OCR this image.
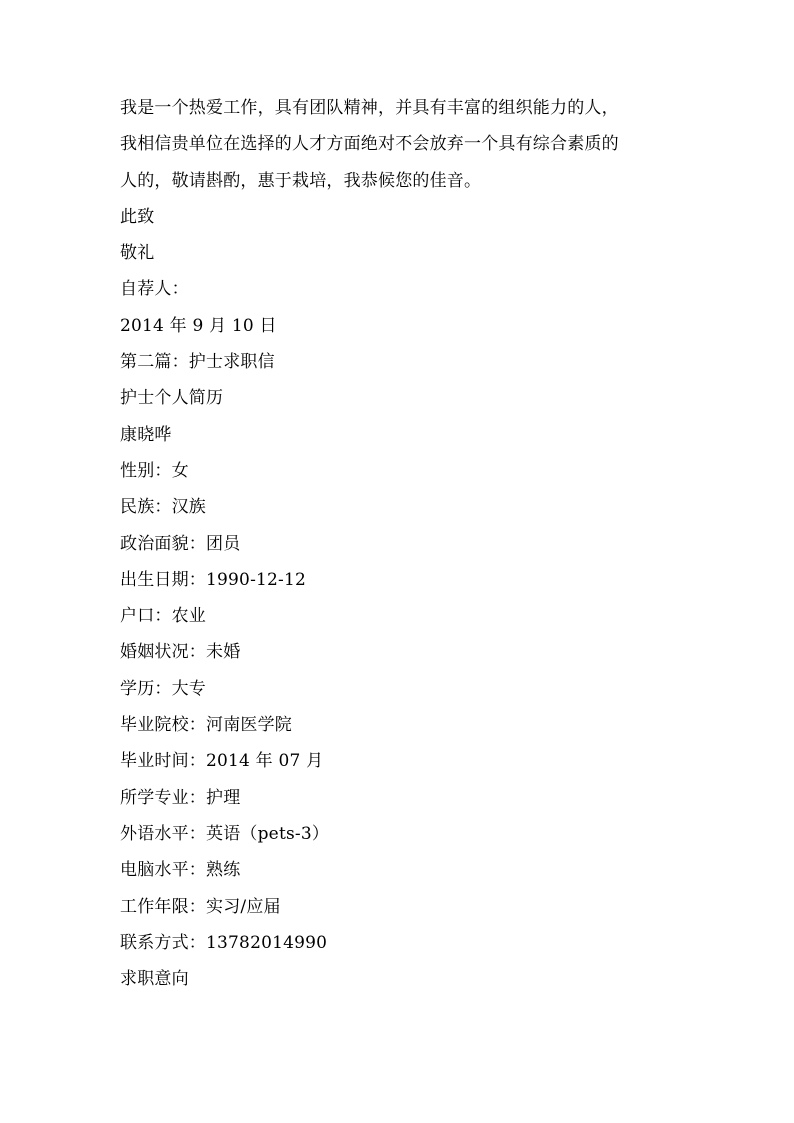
我是一个热爱工作，具有团队精神，并具有丰富的组织能力的人，
我相信贵单位在选择的人才方面绝对不会放弃一个具有综合素质的
人的，敬请斟酌，惠于栽培，我恭候您的佳音。
此致
敬礼
自荐人：
2014 年 9 月 10 日
第二篇：护士求职信
护士个人简历
康晓哗
性别：女
民族：汉族
政治面貌：团员
出生日期：1990-12-12
户口：农业
婚姻状况：未婚
学历：大专
毕业院校：河南医学院
毕业时间：2014 年 07 月
所学专业：护理
外语水平：英语（pets-3）
电脑水平：熟练
工作年限：实习/应届
联系方式：13782014990
求职意向
